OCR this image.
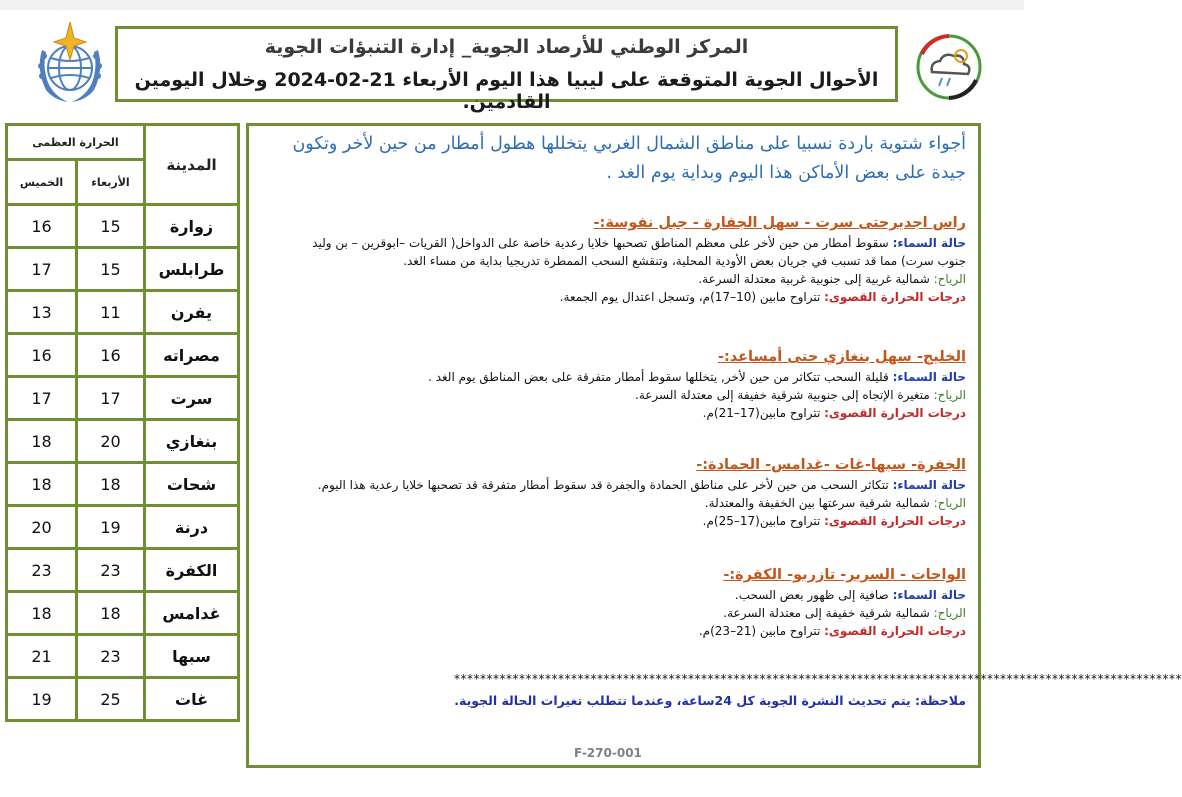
المركز الوطني للأرصاد الجوية_ إدارة التنبؤات الجوية
الأحوال الجوية المتوقعة على ليبيا هذا اليوم الأربعاء 21-02-2024 وخلال اليومين القادمين.
المدينة	الحرارة العظمى	
	الأربعاء	الخميس
زوارة	15	16
طرابلس	15	17
يفرن	11	13
مصراته	16	16
سرت	17	17
بنغازي	20	18
شحات	18	18
درنة	19	20
الكفرة	23	23
غدامس	18	18
سبها	23	21
غات	25	19
أجواء شتوية باردة نسبيا على مناطق الشمال الغربي يتخللها هطول أمطار من حين لأخر وتكون جيدة على بعض الأماكن هذا اليوم وبداية يوم الغد .
راس اجديرحتى سرت - سهل الجفارة - جبل نفوسة:-
حالة السماء: سقوط أمطار من حين لأخر على معظم المناطق تصحبها خلايا رعدية خاصة على الدواخل( القريات –ابوقرين – بن وليد
جنوب سرت) مما قد تسبب في جريان بعض الأودية المحلية، وتنقشع السحب الممطرة تدريجيا بداية من مساء الغد.
الرياح: شمالية غربية إلى جنوبية غربية معتدلة السرعة.
درجات الحرارة القصوى: تتراوح مابين (10–17)م، وتسجل اعتدال يوم الجمعة.
الخليج- سهل بنغازي حتى أمساعد:-
حالة السماء: قليلة السحب تتكاثر من حين لأخر, يتخللها سقوط أمطار متفرقة على بعض المناطق يوم الغد .
الرياح: متغيرة الإتجاه إلى جنوبية شرقية خفيفة إلى معتدلة السرعة.
درجات الحرارة القصوى: تتراوح مابين(17–21)م.
الجفرة- سبها-غات -غدامس- الحمادة:-
حالة السماء: تتكاثر السحب من حين لأخر على مناطق الحمادة والجفرة قد سقوط أمطار متفرقة قد تصحبها خلايا رعدية هذا اليوم.
الرياح: شمالية شرقية سرعتها بين الخفيفة والمعتدلة.
درجات الحرارة القصوى: تتراوح مابين(17–25)م.
الواحات - السرير- تازربو- الكفرة:-
حالة السماء: صافية إلى ظهور بعض السحب.
الرياح: شمالية شرقية خفيفة إلى معتدلة السرعة.
درجات الحرارة القصوى: تتراوح مابين (21–23)م.
****************************************************************************************************************
ملاحظة: يتم تحديث النشرة الجوية كل 24ساعة، وعندما تتطلب تغيرات الحالة الجوية.
F-270-001
